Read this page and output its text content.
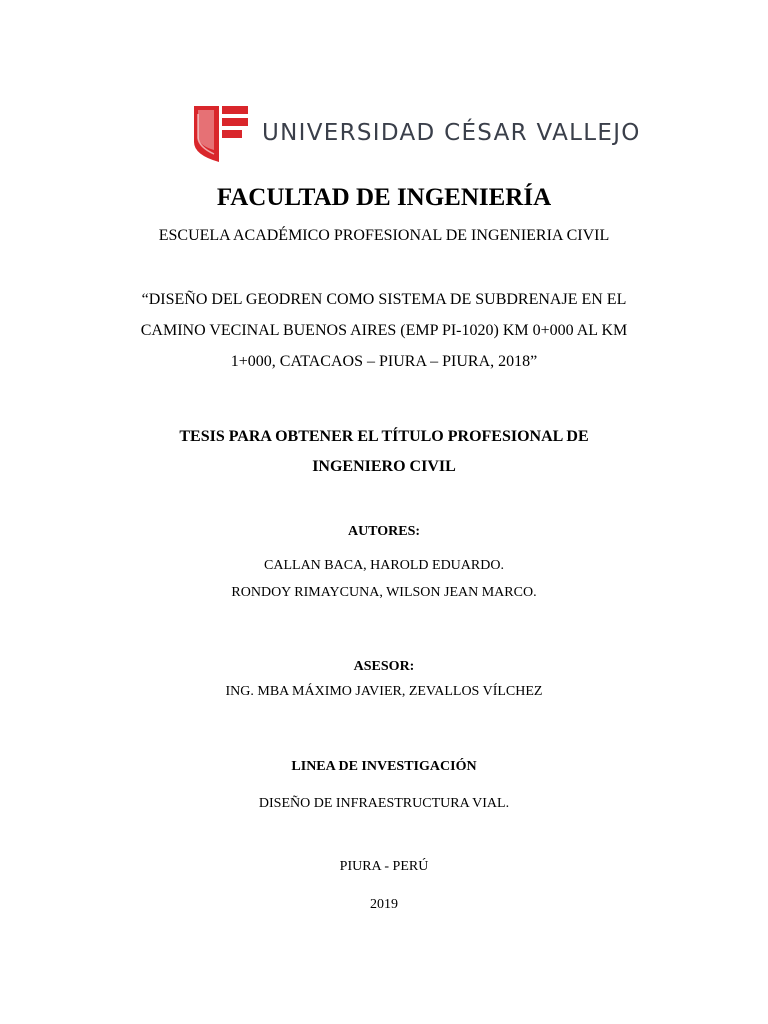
UNIVERSIDAD CÉSAR VALLEJO
FACULTAD DE INGENIERÍA
ESCUELA ACADÉMICO PROFESIONAL DE INGENIERIA CIVIL
“DISEÑO DEL GEODREN COMO SISTEMA DE SUBDRENAJE EN EL
CAMINO VECINAL BUENOS AIRES (EMP PI-1020) KM 0+000 AL KM
1+000, CATACAOS – PIURA – PIURA, 2018”
TESIS PARA OBTENER EL TÍTULO PROFESIONAL DE
INGENIERO CIVIL
AUTORES:
CALLAN BACA, HAROLD EDUARDO.
RONDOY RIMAYCUNA, WILSON JEAN MARCO.
ASESOR:
ING. MBA MÁXIMO JAVIER, ZEVALLOS VÍLCHEZ
LINEA DE INVESTIGACIÓN
DISEÑO DE INFRAESTRUCTURA VIAL.
PIURA - PERÚ
2019
